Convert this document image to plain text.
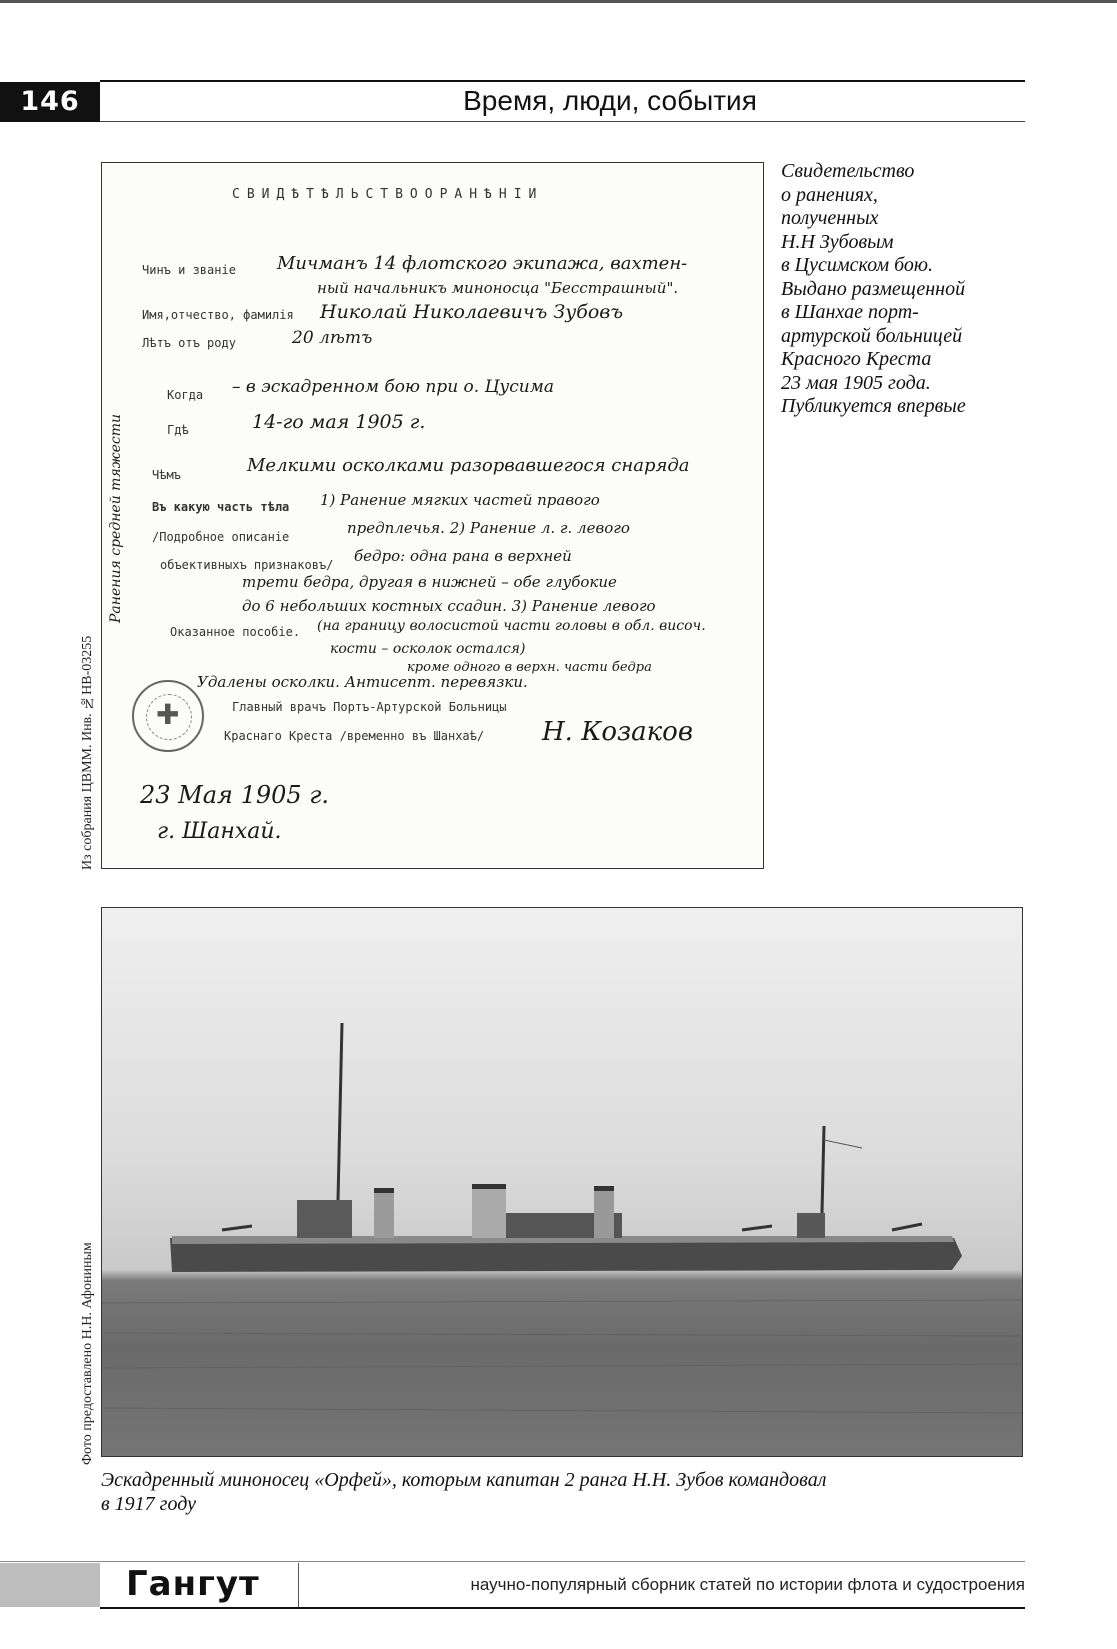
146	Время, люди, события
Из собрания ЦВММ. Инв. №НВ-03255
Фото предоставлено Н.Н. Афониным
СВИДѢТѢЛЬСТВООРАНѢНIИ
Чинъ и званiе Мичманъ 14 флотского экипажа, вахтен-
ный начальникъ миноносца "Бесстрашный".
Имя,отчество, фамилiя Николай Николаевичъ Зубовъ
Лѣтъ отъ роду	20 лѣтъ
Когда – в эскадренном бою при о. Цусима
Гдѣ	14-го мая 1905 г.
Чѣмъ	Мелкими осколками разорвавшегося снаряда
Въ какую часть тѣла 1) Ранение мягких частей правого
/Подробное описанiе	предплечья. 2) Ранение л. г. левого
объективныхъ признаковъ/ бедро: одна рана в верхней
трети бедра, другая в нижней – обе глубокие
до 6 небольших костных ссадин. 3) Ранение левого
Оказанное пособiе. (на границу волосистой части головы в обл. височ.
кости – осколок остался)
кроме одного в верхн. части бедра
Удалены осколки. Антисепт. перевязки.
Ранения средней тяжести
✚	Главный врачъ Портъ-Артурской Больницы
Краснаго Креста /временно въ Шанхаѣ/ Н. Козаков
23 Мая 1905 г.
г. Шанхай.
Свидетельство
о ранениях,
полученных
Н.Н Зубовым
в Цусимском бою.
Выдано размещенной
в Шанхае порт-
артурской больницей
Красного Креста
23 мая 1905 года.
Публикуется впервые
Эскадренный миноносец «Орфей», которым капитан 2 ранга Н.Н. Зубов командовал
в 1917 году
Гангут	научно-популярный сборник статей по истории флота и судостроения
